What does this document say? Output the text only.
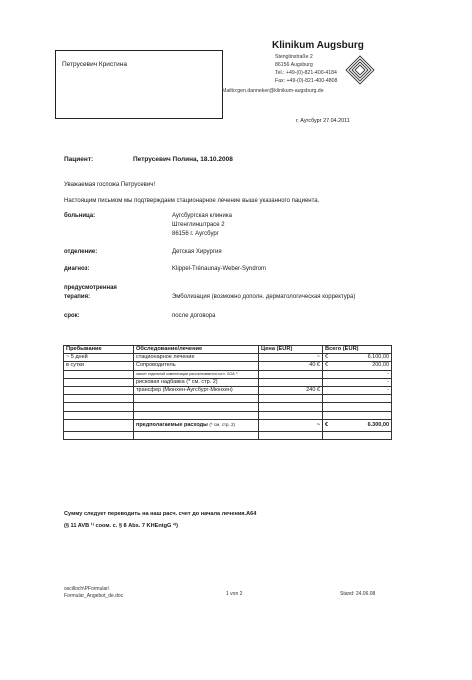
Петрусевич Кристина
Klinikum Augsburg
Stenglinstraße 2
86156 Augsburg
Tel.: +49-(0)-821-400-4184
Fax: +49-(0)-821-400-4808
Mailto:gen.danneker@klinikum-augsburg.de
г. Аугсбург 27.04.2011
Пациент:	Петрусевич Полина, 18.10.2008
Уважаемая госпожа Петрусевич!
Настоящим письмом мы подтверждаем стационарное лечение выше указанного пациента.
больница:	Аугсбургская клиника
Штенглинштрасе 2
86156 г. Аугсбург
отделение:	Детская Хирургия
диагноз:	Klippel-Trénaunay-Weber-Syndrom
предусмотренная
терапия:	Эмболизация (возможно дополн. дерматологическая корректура)
срок:	после договора
Пребывание	Обследование/лечение	Цена (EUR)	Всего (EUR)	
~ 5 дней	стационарное лечение	~	€	6.100,00
в сутки	Сопроводитель	40 €	€	200,00
	засчет отдельной компенсации рассчитываются согл. GOÄ ¹⁾			-
	рисковая надбавка (* см. стр. 2)			-
	трансфер (Мюнхен-Аугсбург-Мюнхен)	240 €		-

	предполагаемые расходы (* см. стр. 2)	~	€	6.300,00

Сумму следует переводить на наш расч. счет до начала лечения.А64
(§ 11 AVB ¹⁾ соом. с. § 8 Abs. 7 KHEntgG ²⁾)
oscilloch\PFormular\
Formular_Angebot_de.doc	1 von 2	Stand: 24.06.08
